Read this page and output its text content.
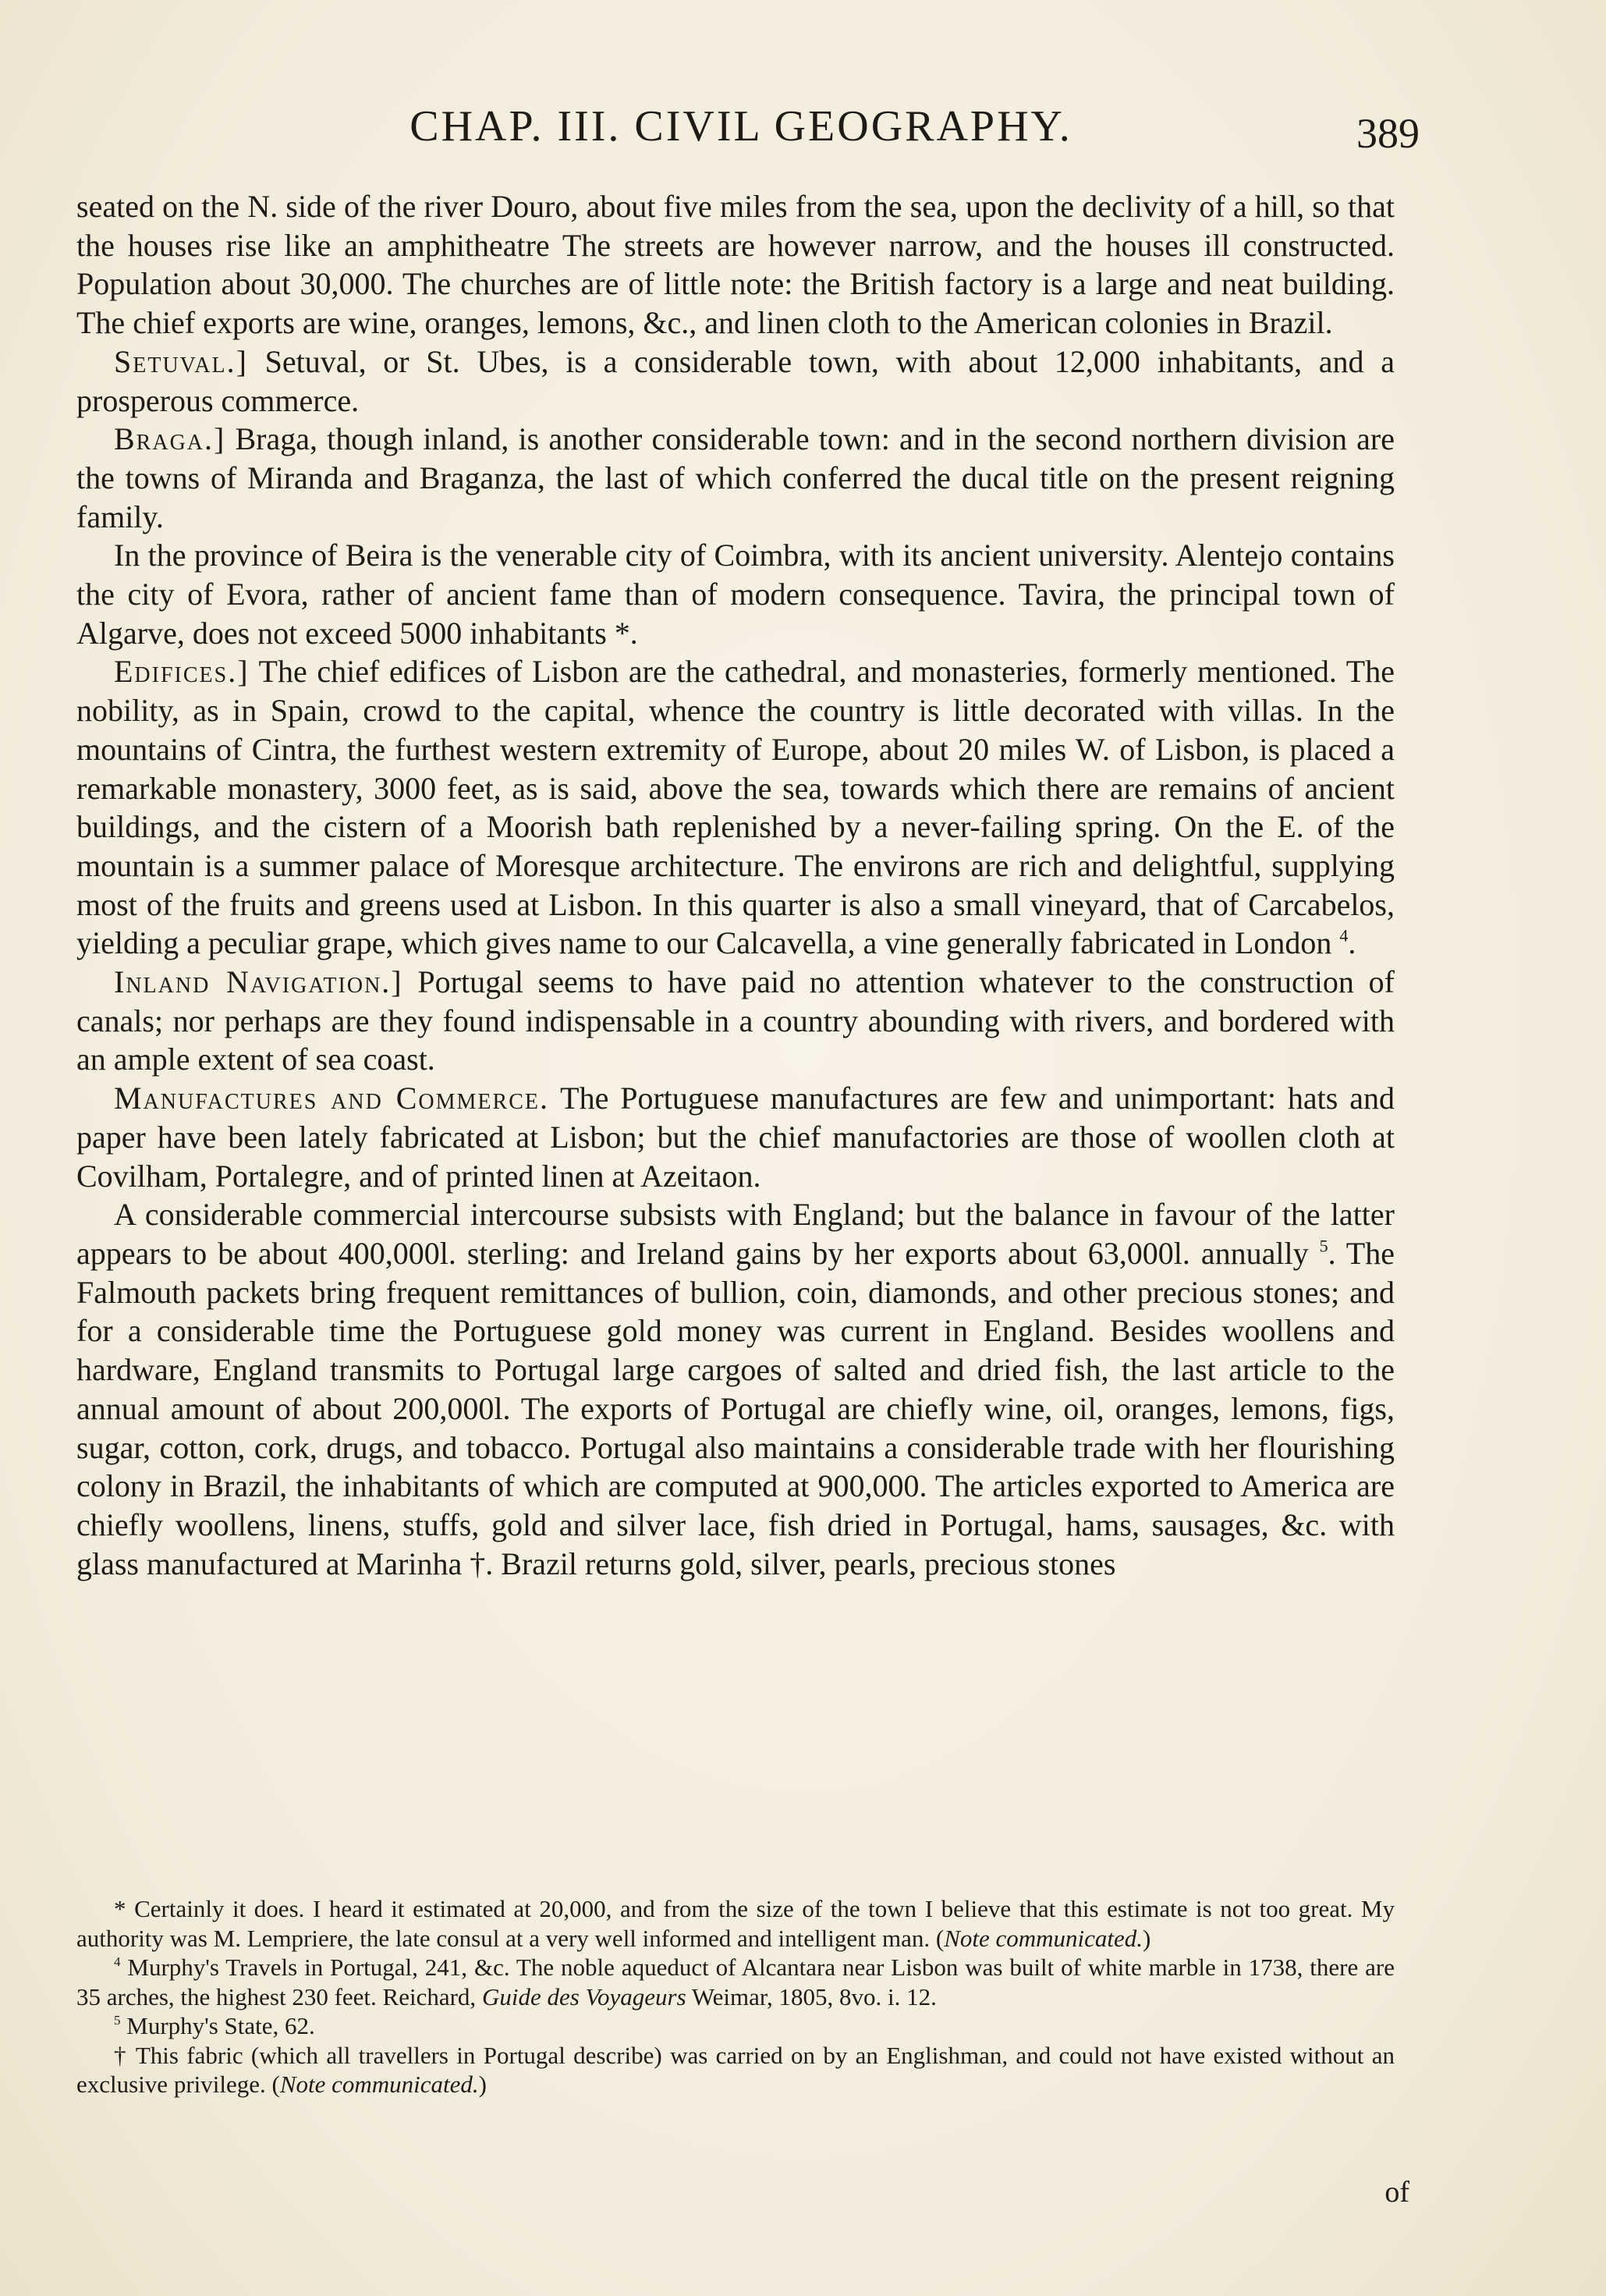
CHAP. III. CIVIL GEOGRAPHY.	389

seated on the N. side of the river Douro, about five miles from the sea, upon the declivity of a hill, so that the houses rise like an amphitheatre The streets are however narrow, and the houses ill constructed. Population about 30,000. The churches are of little note: the British factory is a large and neat building. The chief exports are wine, oranges, lemons, &c., and linen cloth to the American colonies in Brazil.

Setuval.] Setuval, or St. Ubes, is a considerable town, with about 12,000 inhabitants, and a prosperous commerce.

Braga.] Braga, though inland, is another considerable town: and in the second northern division are the towns of Miranda and Braganza, the last of which conferred the ducal title on the present reigning family.

In the province of Beira is the venerable city of Coimbra, with its ancient university. Alentejo contains the city of Evora, rather of ancient fame than of modern consequence. Tavira, the principal town of Algarve, does not exceed 5000 inhabitants *.

Edifices.] The chief edifices of Lisbon are the cathedral, and monasteries, formerly mentioned. The nobility, as in Spain, crowd to the capital, whence the country is little decorated with villas. In the mountains of Cintra, the furthest western extremity of Europe, about 20 miles W. of Lisbon, is placed a remarkable monastery, 3000 feet, as is said, above the sea, towards which there are remains of ancient buildings, and the cistern of a Moorish bath replenished by a never-failing spring. On the E. of the mountain is a summer palace of Moresque architecture. The environs are rich and delightful, supplying most of the fruits and greens used at Lisbon. In this quarter is also a small vineyard, that of Carcabelos, yielding a peculiar grape, which gives name to our Calcavella, a vine generally fabricated in London $^4$.

Inland Navigation.] Portugal seems to have paid no attention whatever to the construction of canals; nor perhaps are they found indispensable in a country abounding with rivers, and bordered with an ample extent of sea coast.

Manufactures and Commerce. The Portuguese manufactures are few and unimportant: hats and paper have been lately fabricated at Lisbon; but the chief manufactories are those of woollen cloth at Covilham, Portalegre, and of printed linen at Azeitaon.

A considerable commercial intercourse subsists with England; but the balance in favour of the latter appears to be about 400,000l. sterling: and Ireland gains by her exports about 63,000l. annually $^5$. The Falmouth packets bring frequent remittances of bullion, coin, diamonds, and other precious stones; and for a considerable time the Portuguese gold money was current in England. Besides woollens and hardware, England transmits to Portugal large cargoes of salted and dried fish, the last article to the annual amount of about 200,000l. The exports of Portugal are chiefly wine, oil, oranges, lemons, figs, sugar, cotton, cork, drugs, and tobacco. Portugal also maintains a considerable trade with her flourishing colony in Brazil, the inhabitants of which are computed at 900,000. The articles exported to America are chiefly woollens, linens, stuffs, gold and silver lace, fish dried in Portugal, hams, sausages, &c. with glass manufactured at Marinha †. Brazil returns gold, silver, pearls, precious stones

* Certainly it does. I heard it estimated at 20,000, and from the size of the town I believe that this estimate is not too great. My authority was M. Lempriere, the late consul at a very well informed and intelligent man. (Note communicated.)

$^4$ Murphy's Travels in Portugal, 241, &c. The noble aqueduct of Alcantara near Lisbon was built of white marble in 1738, there are 35 arches, the highest 230 feet. Reichard, Guide des Voyageurs Weimar, 1805, 8vo. i. 12.

$^5$ Murphy's State, 62.

† This fabric (which all travellers in Portugal describe) was carried on by an Englishman, and could not have existed without an exclusive privilege. (Note communicated.)

of
